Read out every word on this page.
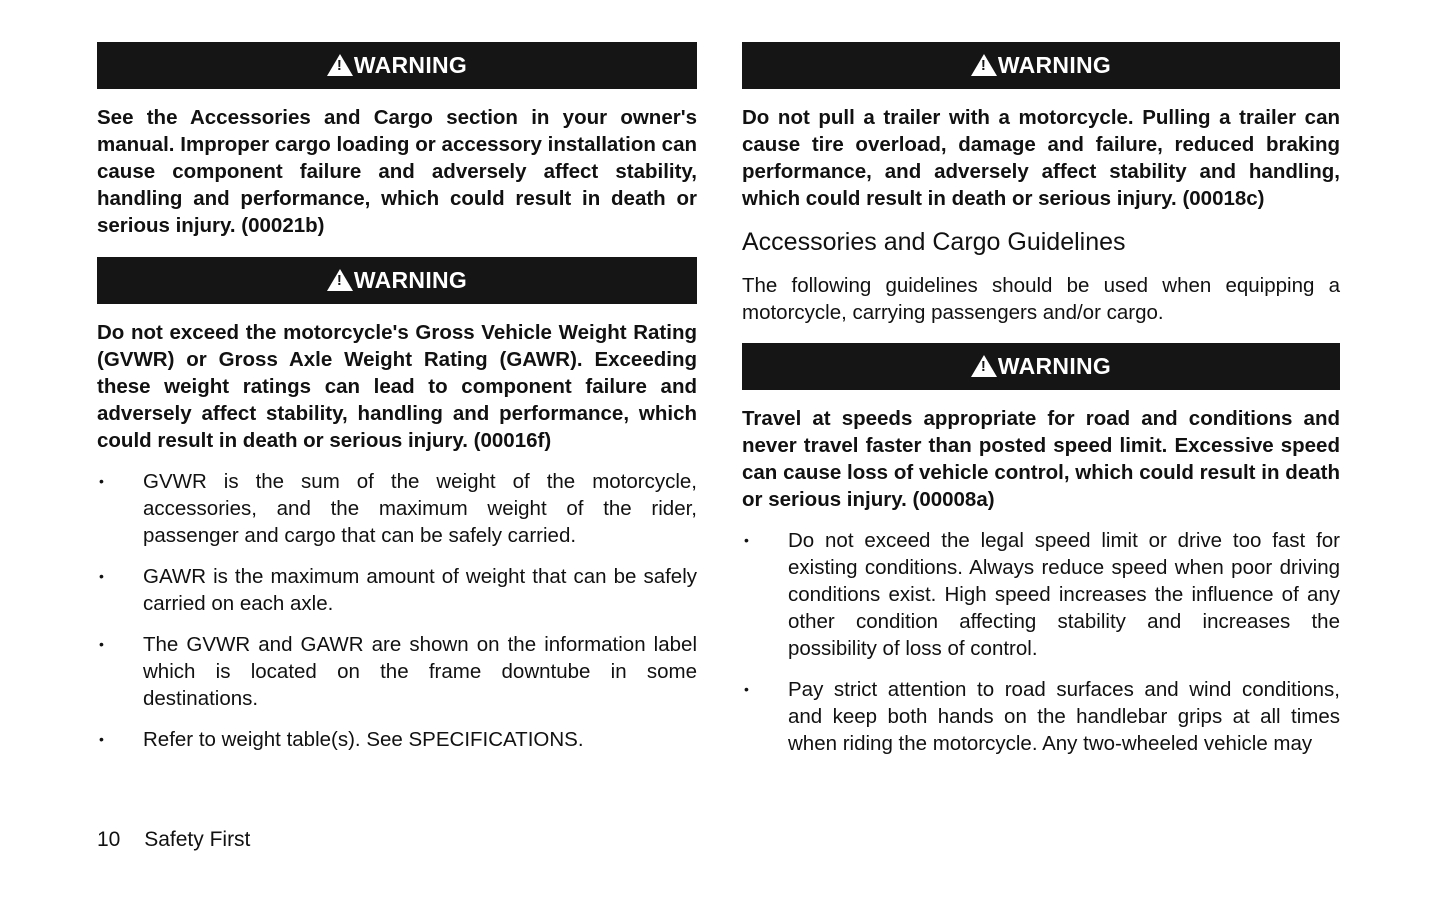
!
WARNING

See the Accessories and Cargo section in your owner's manual. Improper cargo loading or accessory installation can cause component failure and adversely affect stability, handling and performance, which could result in death or serious injury. (00021b)

!
WARNING

Do not exceed the motorcycle's Gross Vehicle Weight Rating (GVWR) or Gross Axle Weight Rating (GAWR). Exceeding these weight ratings can lead to component failure and adversely affect stability, handling and performance, which could result in death or serious injury. (00016f)

• GVWR is the sum of the weight of the motorcycle, accessories, and the maximum weight of the rider, passenger and cargo that can be safely carried.
• GAWR is the maximum amount of weight that can be safely carried on each axle.
• The GVWR and GAWR are shown on the information label which is located on the frame downtube in some destinations.
• Refer to weight table(s). See SPECIFICATIONS.
!
WARNING

Do not pull a trailer with a motorcycle. Pulling a trailer can cause tire overload, damage and failure, reduced braking performance, and adversely affect stability and handling, which could result in death or serious injury. (00018c)

Accessories and Cargo Guidelines

The following guidelines should be used when equipping a motorcycle, carrying passengers and/or cargo.

!
WARNING

Travel at speeds appropriate for road and conditions and never travel faster than posted speed limit. Excessive speed can cause loss of vehicle control, which could result in death or serious injury. (00008a)

• Do not exceed the legal speed limit or drive too fast for existing conditions. Always reduce speed when poor driving conditions exist. High speed increases the influence of any other condition affecting stability and increases the possibility of loss of control.
• Pay strict attention to road surfaces and wind conditions, and keep both hands on the handlebar grips at all times when riding the motorcycle. Any two-wheeled vehicle may
10 Safety First
